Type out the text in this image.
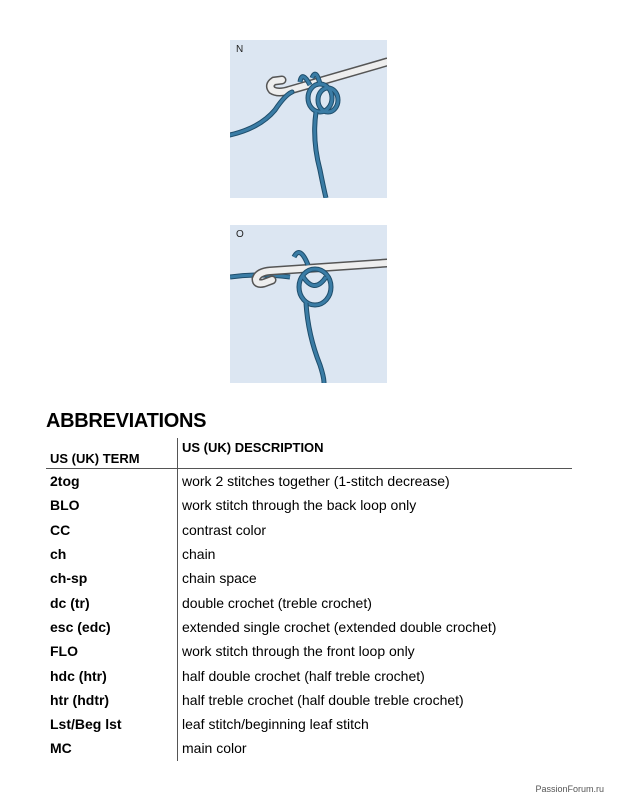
N
O
ABBREVIATIONS
US (UK) TERM	US (UK) DESCRIPTION
2tog	work 2 stitches together (1-stitch decrease)
BLO	work stitch through the back loop only
CC	contrast color
ch	chain
ch-sp	chain space
dc (tr)	double crochet (treble crochet)
esc (edc)	extended single crochet (extended double crochet)
FLO	work stitch through the front loop only
hdc (htr)	half double crochet (half treble crochet)
htr (hdtr)	half treble crochet (half double treble crochet)
Lst/Beg lst	leaf stitch/beginning leaf stitch
MC	main color
PassionForum.ru
